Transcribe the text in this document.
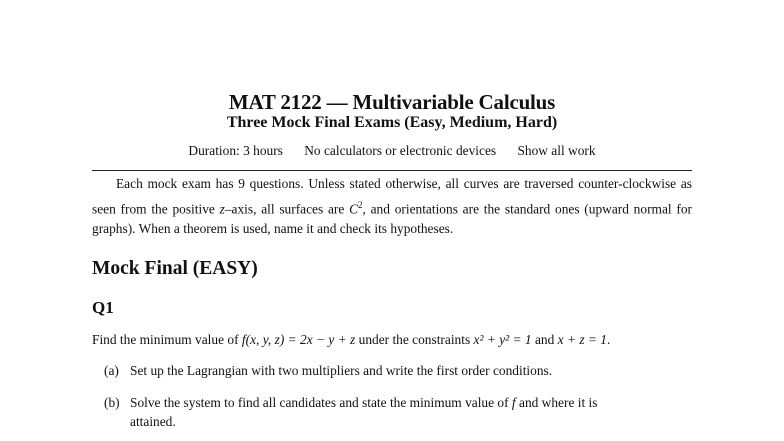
MAT 2122 — Multivariable Calculus
Three Mock Final Exams (Easy, Medium, Hard)
Duration: 3 hours No calculators or electronic devices Show all work
Each mock exam has 9 questions. Unless stated otherwise, all curves are traversed counter-clockwise as seen from the positive z–axis, all surfaces are $C^2$, and orientations are the standard ones (upward normal for graphs). When a theorem is used, name it and check its hypotheses.
Mock Final (EASY)
Q1
Find the minimum value of f(x, y, z) = 2x − y + z under the constraints x² + y² = 1 and x + z = 1.
(a) Set up the Lagrangian with two multipliers and write the first order conditions.
(b) Solve the system to find all candidates and state the minimum value of f and where it is
attained.
